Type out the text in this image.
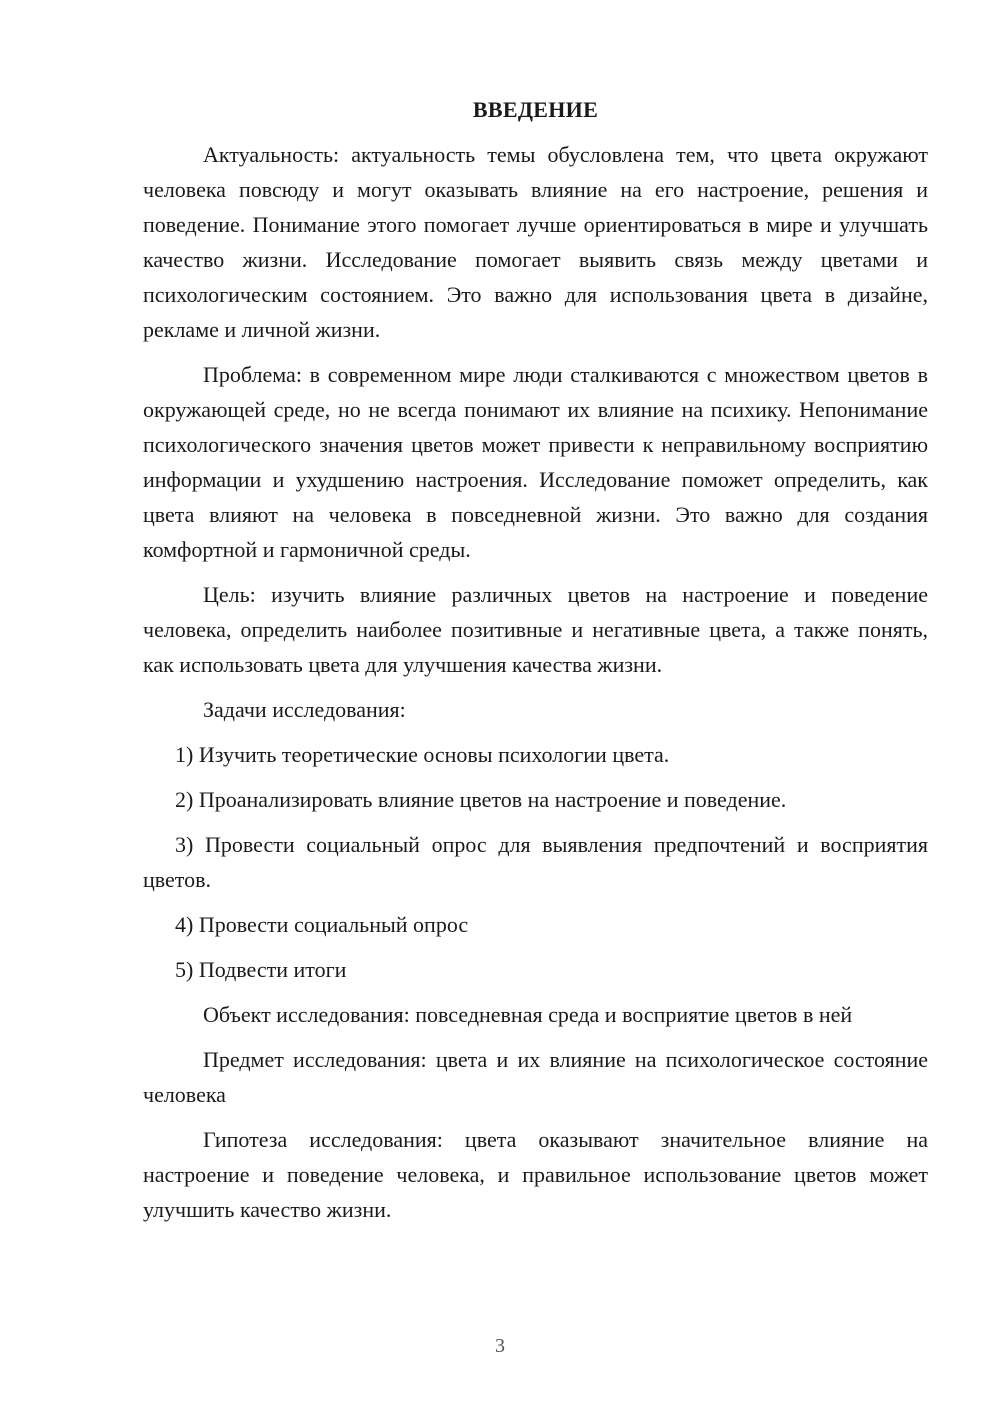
ВВЕДЕНИЕ

Актуальность: актуальность темы обусловлена тем, что цвета окружают человека повсюду и могут оказывать влияние на его настроение, решения и поведение. Понимание этого помогает лучше ориентироваться в мире и улучшать качество жизни. Исследование помогает выявить связь между цветами и психологическим состоянием. Это важно для использования цвета в дизайне, рекламе и личной жизни.

Проблема: в современном мире люди сталкиваются с множеством цветов в окружающей среде, но не всегда понимают их влияние на психику. Непонимание психологического значения цветов может привести к неправильному восприятию информации и ухудшению настроения. Исследование поможет определить, как цвета влияют на человека в повседневной жизни. Это важно для создания комфортной и гармоничной среды.

Цель: изучить влияние различных цветов на настроение и поведение человека, определить наиболее позитивные и негативные цвета, а также понять, как использовать цвета для улучшения качества жизни.

Задачи исследования:

1) Изучить теоретические основы психологии цвета.

2) Проанализировать влияние цветов на настроение и поведение.

3) Провести социальный опрос для выявления предпочтений и восприятия цветов.

4) Провести социальный опрос

5) Подвести итоги

Объект исследования: повседневная среда и восприятие цветов в ней

Предмет исследования: цвета и их влияние на психологическое состояние человека

Гипотеза исследования: цвета оказывают значительное влияние на настроение и поведение человека, и правильное использование цветов может улучшить качество жизни.

3
